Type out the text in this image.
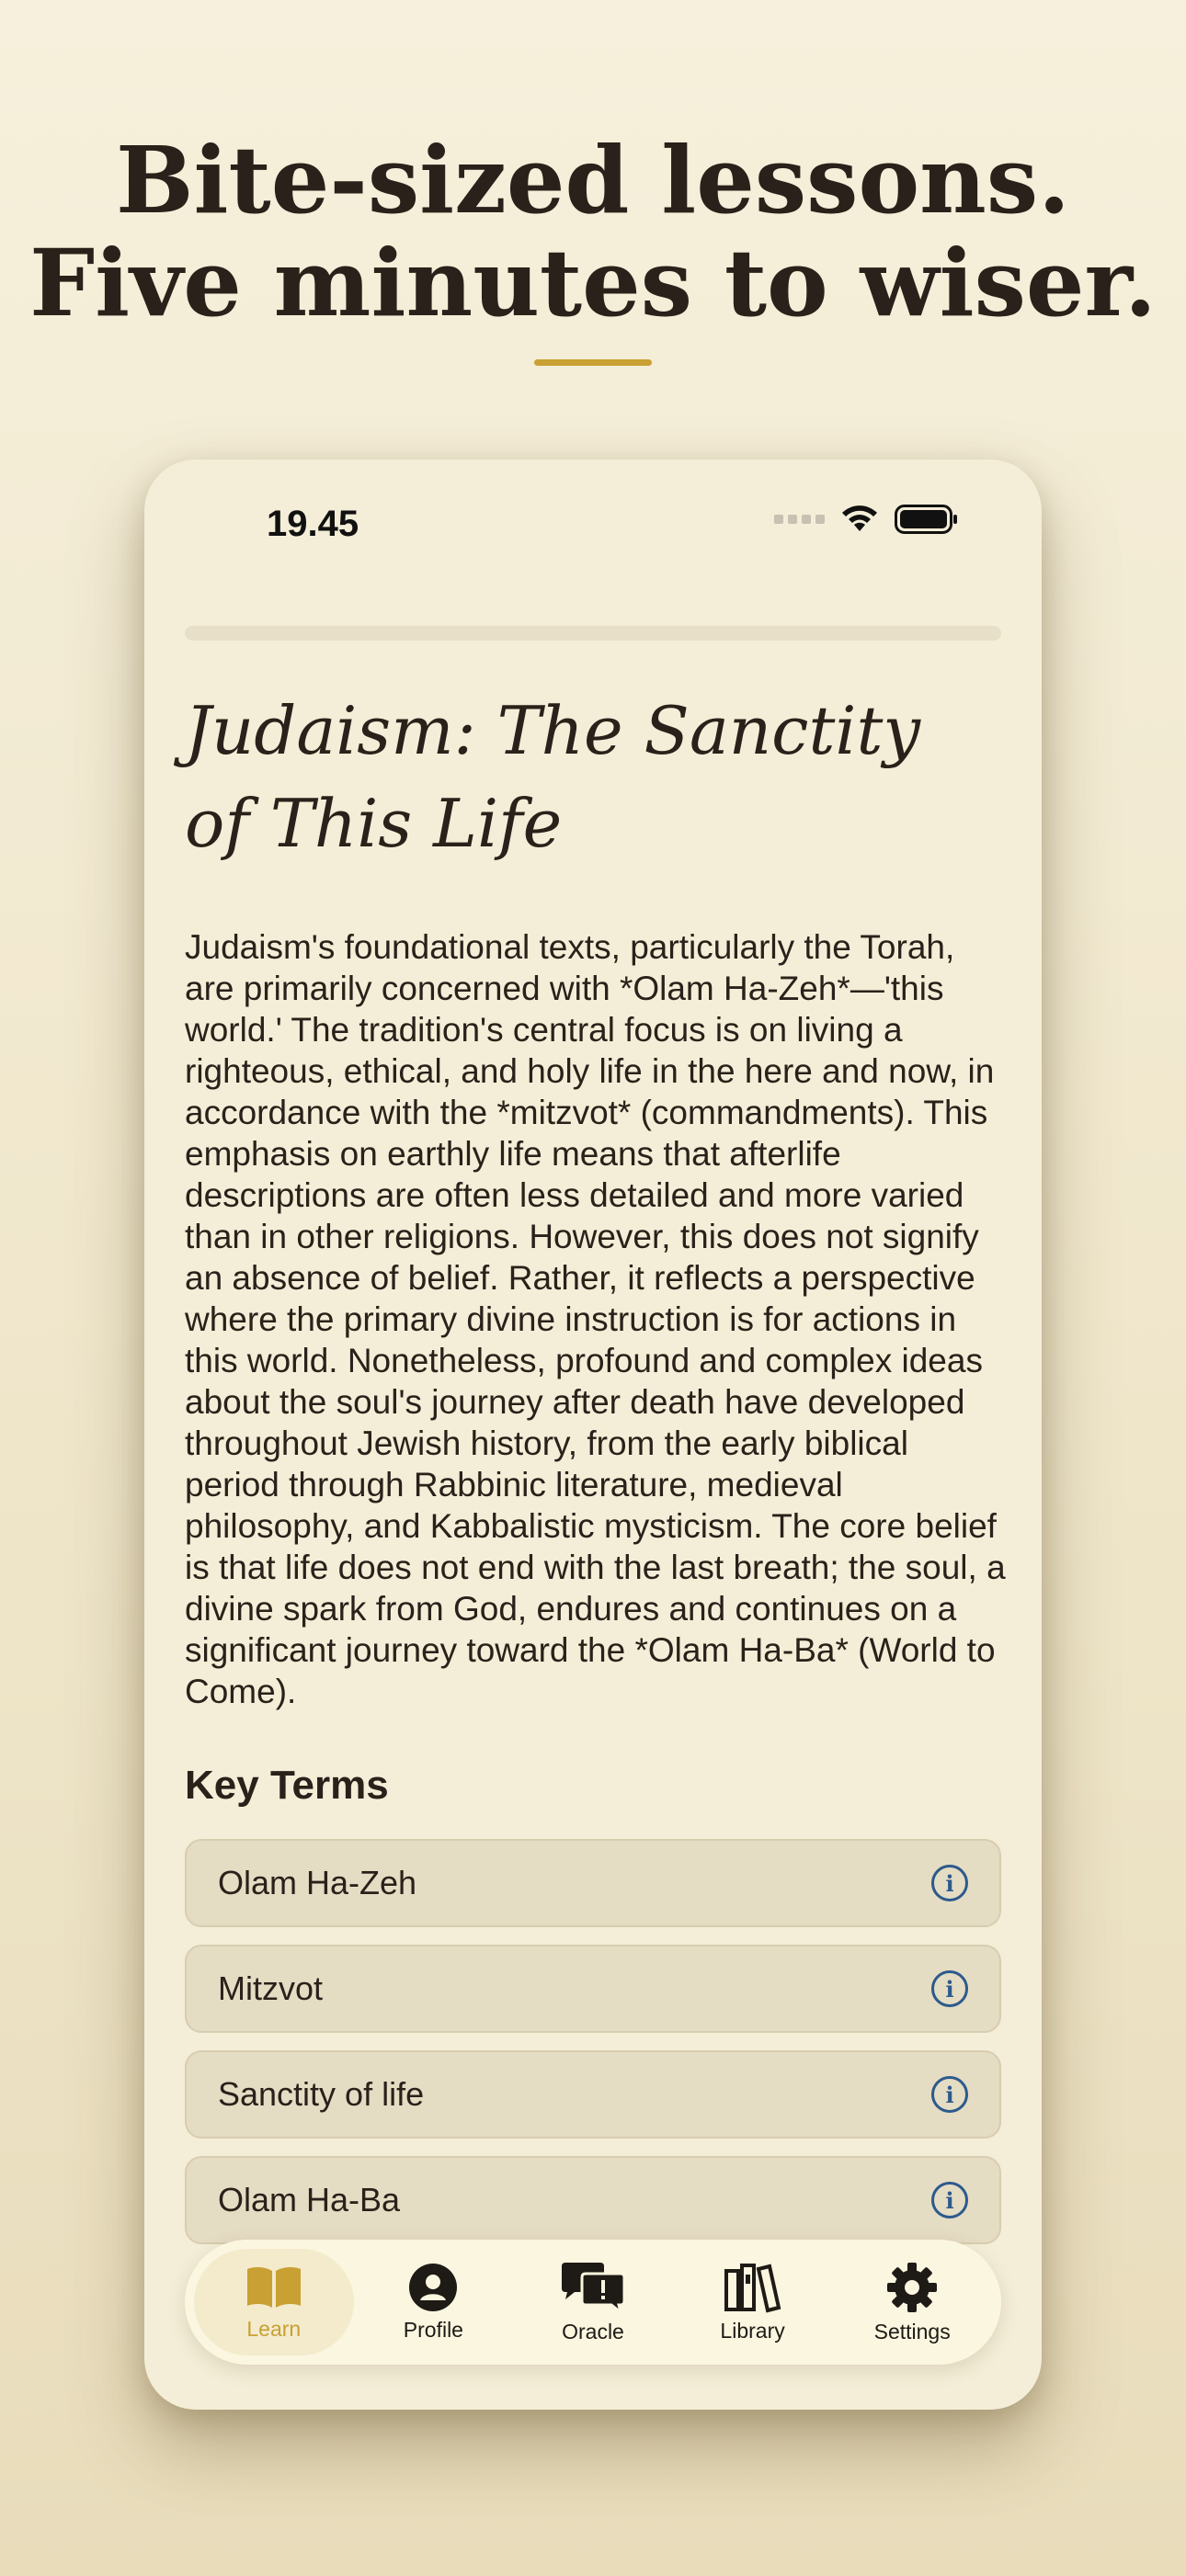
Bite-sized lessons.
Five minutes to wiser.
19.45
Judaism: The Sanctity of This Life

Judaism's foundational texts, particularly the Torah, are primarily concerned with *Olam Ha-Zeh*—'this world.' The tradition's central focus is on living a righteous, ethical, and holy life in the here and now, in accordance with the *mitzvot* (commandments). This emphasis on earthly life means that afterlife descriptions are often less detailed and more varied than in other religions. However, this does not signify an absence of belief. Rather, it reflects a perspective where the primary divine instruction is for actions in this world. Nonetheless, profound and complex ideas about the soul's journey after death have developed throughout Jewish history, from the early biblical period through Rabbinic literature, medieval philosophy, and Kabbalistic mysticism. The core belief is that life does not end with the last breath; the soul, a divine spark from God, endures and continues on a significant journey toward the *Olam Ha-Ba* (World to Come).

Key Terms
Olam Ha-Zeh	i
Mitzvot	i
Sanctity of life	i
Olam Ha-Ba	i
Learn	Profile	Oracle	Library	Settings
